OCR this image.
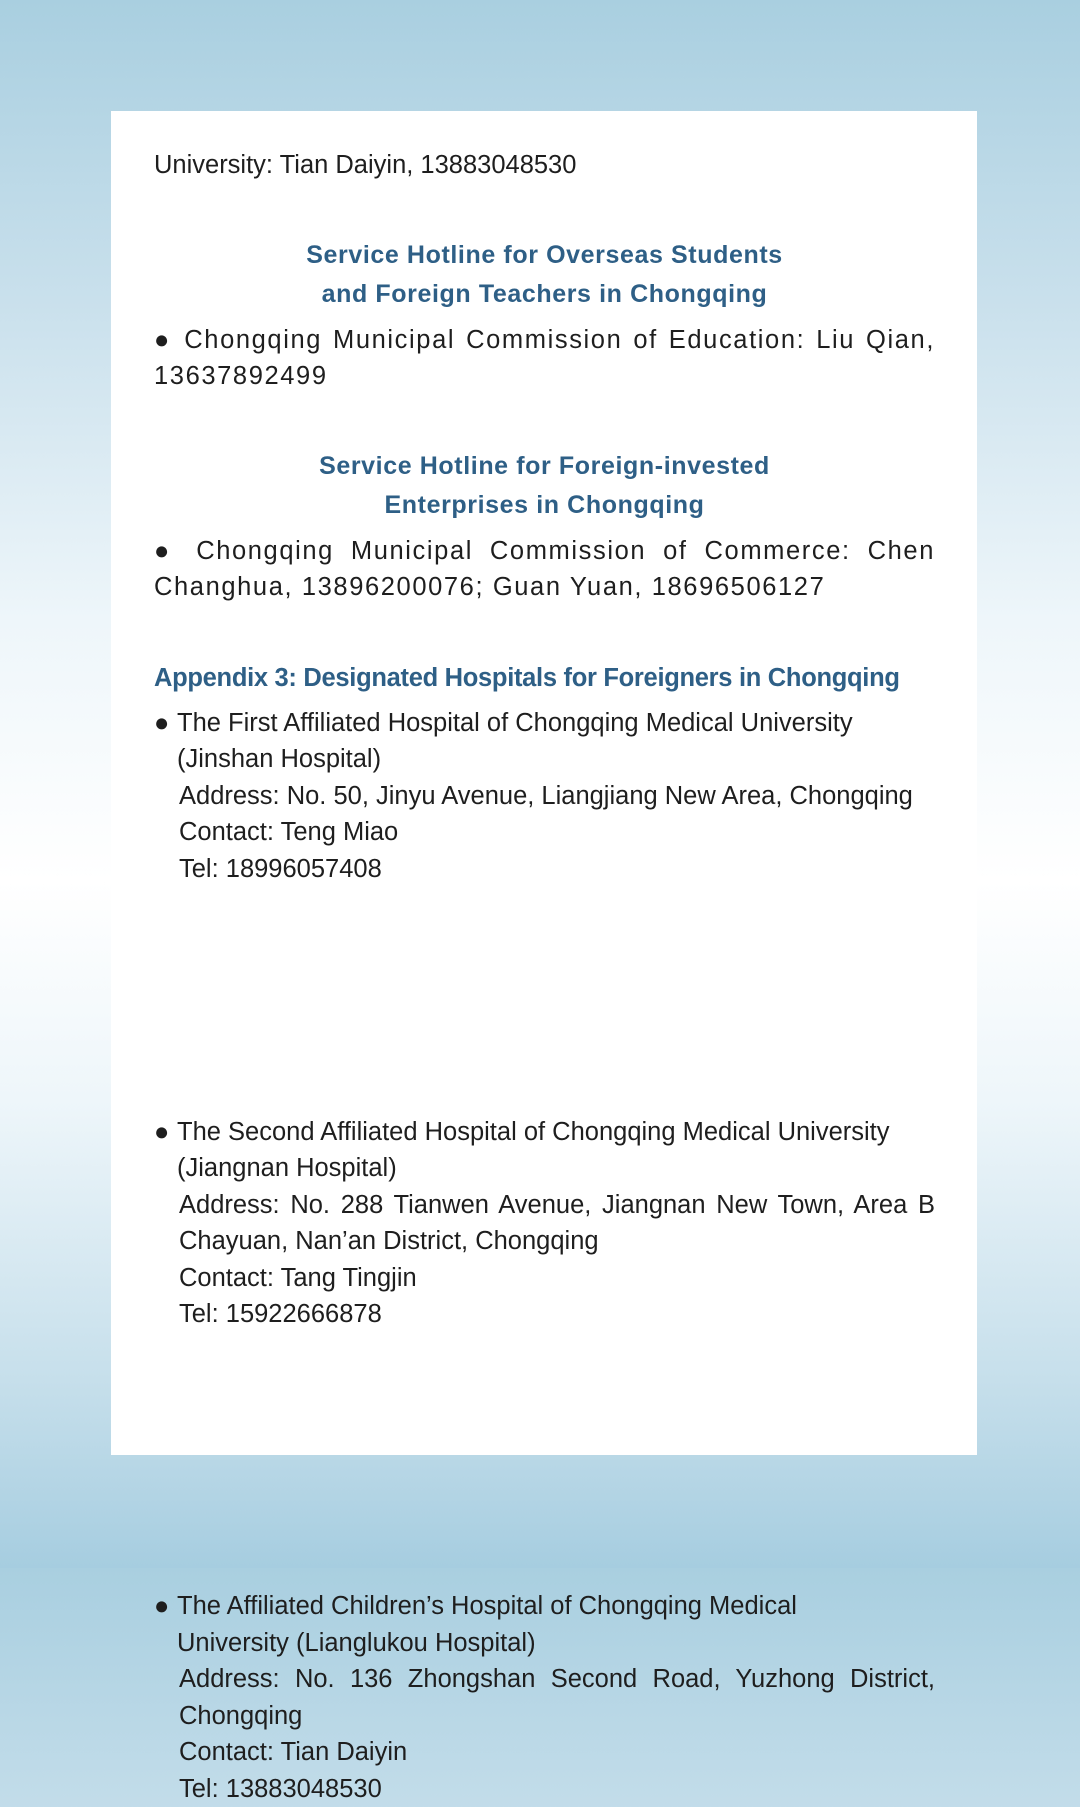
University: Tian Daiyin, 13883048530

Service Hotline for Overseas Students

and Foreign Teachers in Chongqing

● Chongqing Municipal Commission of Education: Liu Qian, 13637892499

Service Hotline for Foreign-invested

Enterprises in Chongqing

● Chongqing Municipal Commission of Commerce: Chen Changhua, 13896200076; Guan Yuan, 18696506127

Appendix 3: Designated Hospitals for Foreigners in Chongqing

● The First Affiliated Hospital of Chongqing Medical University (Jinshan Hospital)
Address: No. 50, Jinyu Avenue, Liangjiang New Area, Chongqing
Contact: Teng Miao
Tel: 18996057408
● The Second Affiliated Hospital of Chongqing Medical University (Jiangnan Hospital)
Address: No. 288 Tianwen Avenue, Jiangnan New Town, Area B Chayuan, Nan’an District, Chongqing
Contact: Tang Tingjin
Tel: 15922666878
● The Affiliated Children’s Hospital of Chongqing Medical University (Lianglukou Hospital)
Address: No. 136 Zhongshan Second Road, Yuzhong District, Chongqing
Contact: Tian Daiyin
Tel: 13883048530
